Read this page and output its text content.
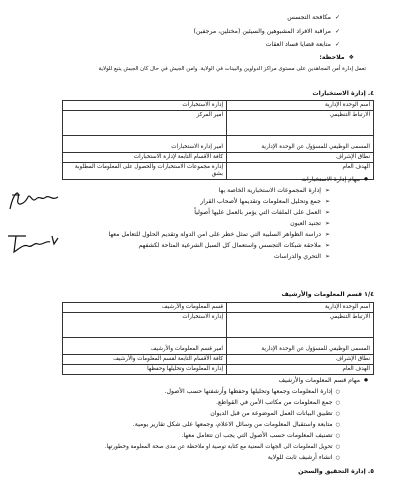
✓ مكافحة التجسس
✓ مراقبة الافراد المشبوهين والسيئين (مختلين، مرجفين)
✓ متابعة قضايا فساد العقات
❖ ملاحظة:
تعمل إدارة أمن المجاهدين على مستوى مراكز الدواوين والبينات في الولاية. وامن الجيش في حال كان الجيش يتبع للولاية
٤. إدارة الاستخبارات
اسم الوحدة الإدارية	إدارة الاستخبارات
الارتباط التنظيمي	امير المركز
المسمى الوظيفي للمسؤول عن الوحدة الإدارية	امير إدارة الاستخبارات
نطاق الإشراف	كافة الأقسام التابعة لإدارة الاستخبارات
الهدف العام	إدارة مجموعات الاستخبارات والحصول على المعلومات المطلوبة بشق
● مهام إدارة الاستخبارات
➢ إدارة المجموعات الاستخبارية الخاصة بها
➢ جمع وتحليل المعلومات وتقديمها لأصحاب القرار
➢ العمل على الملفات التي يؤمر بالعمل عليها أصولياً
➢ تجنيد العيون
➢ دراسة الظواهر السلبية التي تمثل خطر على امن الدولة وتقديم الحلول للتعامل معها
➢ ملاحقة شبكات التجسس واستعمال كل السبل الشرعية المتاحة لكشفهم
➢ التحري والدراسات
١/٤ قسم المعلومات والأرشيف
اسم الوحدة الإدارية	قسم المعلومات والأرشيف
الارتباط التنظيمي	إدارة الاستخبارات
المسمى الوظيفي للمسؤول عن الوحدة الإدارية	امير قسم المعلومات والأرشيف
نطاق الإشراف	كافة الأقسام التابعة لقسم المعلومات والأرشيف
الهدف العام	إدارة المعلومات وتحليلها وحفظها
● مهام قسم المعلومات والأرشيف
○ إدارة المعلومات وجمعها وتحليلها وحفظها وأرشفتها حسب الأصول.
○ جمع المعلومات من مكاتب الأمن في القواطع.
○ تطبيق البيانات العمل الموضوعة من قبل الديوان
○ متابعة واستقبال المعلومات من وسائل الاعلام، وجمعها على شكل تقارير يومية.
○ تصنيف المعلومات حسب الأصول التي يجب ان تتعامل معها.
○ تحويل المعلومات الى الجهات المعنية مع كتابة توصية او ملاحظة عن مدى صحة المعلومة وخطورتها.
○ انشاء أرشيف ثابت للولاية
٥. إدارة التحقيق والسجن
